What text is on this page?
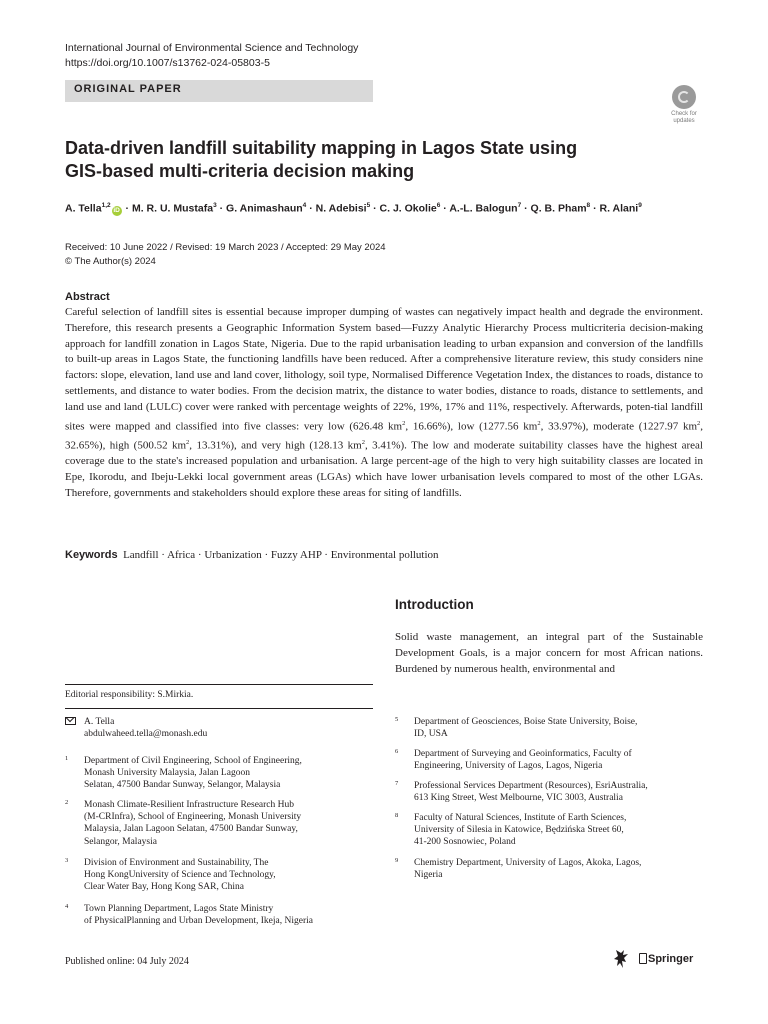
International Journal of Environmental Science and Technology
https://doi.org/10.1007/s13762-024-05803-5
ORIGINAL PAPER
Check for
updates
Data-driven landfill suitability mapping in Lagos State using
GIS-based multi-criteria decision making
A. Tella$^{1,2}$iD · M. R. U. Mustafa$^3$ · G. Animashaun$^4$ · N. Adebisi$^5$ · C. J. Okolie$^6$ · A.-L. Balogun$^7$ · Q. B. Pham$^8$ · R. Alani$^9$
Received: 10 June 2022 / Revised: 19 March 2023 / Accepted: 29 May 2024
© The Author(s) 2024
Abstract
Careful selection of landfill sites is essential because improper dumping of wastes can negatively impact health and degrade the environment. Therefore, this research presents a Geographic Information System based—Fuzzy Analytic Hierarchy Process multicriteria decision-making approach for landfill zonation in Lagos State, Nigeria. Due to the rapid urbanisation leading to urban expansion and conversion of the landfills to built-up areas in Lagos State, the functioning landfills have been reduced. After a comprehensive literature review, this study considers nine factors: slope, elevation, land use and land cover, lithology, soil type, Normalised Difference Vegetation Index, the distances to roads, distance to settlements, and distance to water bodies. From the decision matrix, the distance to water bodies, distance to roads, distance to settlements, and land use and land (LULC) cover were ranked with percentage weights of 22%, 19%, 17% and 11%, respectively. Afterwards, poten-tial landfill sites were mapped and classified into five classes: very low (626.48 $km^2$, 16.66%), low (1277.56 $km^2$, 33.97%), moderate (1227.97 $km^2$, 32.65%), high (500.52 $km^2$, 13.31%), and very high (128.13 $km^2$, 3.41%). The low and moderate suitability classes have the highest areal coverage due to the state's increased population and urbanisation. A large percent-age of the high to very high suitability classes are located in Epe, Ikorodu, and Ibeju-Lekki local government areas (LGAs) which have lower urbanisation levels compared to most of the other LGAs. Therefore, governments and stakeholders should explore these areas for siting of landfills.
Keywords Landfill · Africa · Urbanization · Fuzzy AHP · Environmental pollution
Introduction
Solid waste management, an integral part of the Sustainable Development Goals, is a major concern for most African nations. Burdened by numerous health, environmental and
Editorial responsibility: S.Mirkia.
A. Tella
abdulwaheed.tella@monash.edu
1 Department of Civil Engineering, School of Engineering,
Monash University Malaysia, Jalan Lagoon
Selatan, 47500 Bandar Sunway, Selangor, Malaysia
2 Monash Climate-Resilient Infrastructure Research Hub
(M-CRInfra), School of Engineering, Monash University
Malaysia, Jalan Lagoon Selatan, 47500 Bandar Sunway,
Selangor, Malaysia
3 Division of Environment and Sustainability, The
Hong KongUniversity of Science and Technology,
Clear Water Bay, Hong Kong SAR, China
4 Town Planning Department, Lagos State Ministry
of PhysicalPlanning and Urban Development, Ikeja, Nigeria
5 Department of Geosciences, Boise State University, Boise,
ID, USA
6 Department of Surveying and Geoinformatics, Faculty of
Engineering, University of Lagos, Lagos, Nigeria
7 Professional Services Department (Resources), EsriAustralia,
613 King Street, West Melbourne, VIC 3003, Australia
8 Faculty of Natural Sciences, Institute of Earth Sciences,
University of Silesia in Katowice, Będzińska Street 60,
41-200 Sosnowiec, Poland
9 Chemistry Department, University of Lagos, Akoka, Lagos,
Nigeria
Published online: 04 July 2024	Springer
